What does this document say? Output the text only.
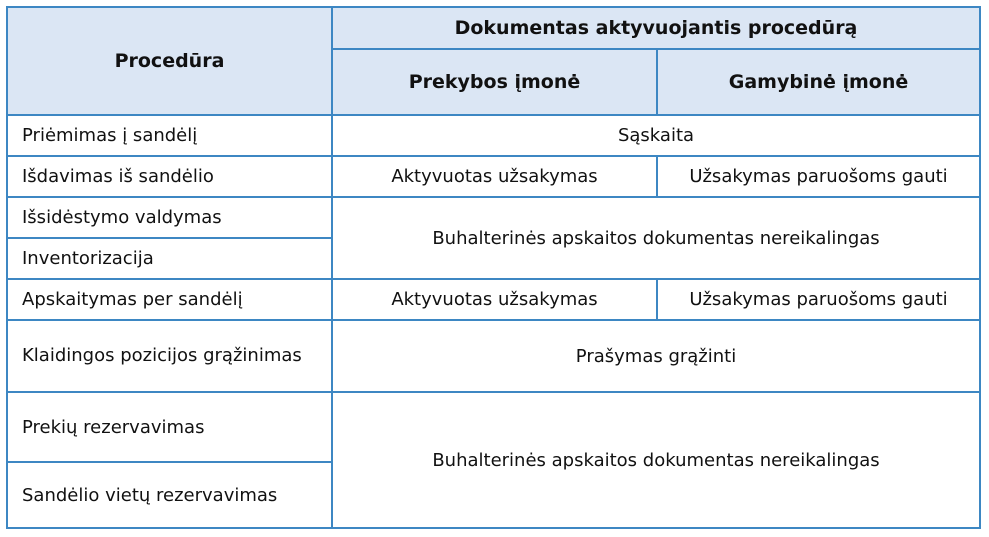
Procedūra	Dokumentas aktyvuojantis procedūrą	
	Prekybos įmonė	Gamybinė įmonė
Priėmimas į sandėlį	Sąskaita	
Išdavimas iš sandėlio	Aktyvuotas užsakymas	Užsakymas paruošoms gauti
Išsidėstymo valdymas	Buhalterinės apskaitos dokumentas nereikalingas	
Inventorizacija		
Apskaitymas per sandėlį	Aktyvuotas užsakymas	Užsakymas paruošoms gauti
Klaidingos pozicijos grąžinimas	Prašymas grąžinti	
Prekių rezervavimas	Buhalterinės apskaitos dokumentas nereikalingas	
Sandėlio vietų rezervavimas		
